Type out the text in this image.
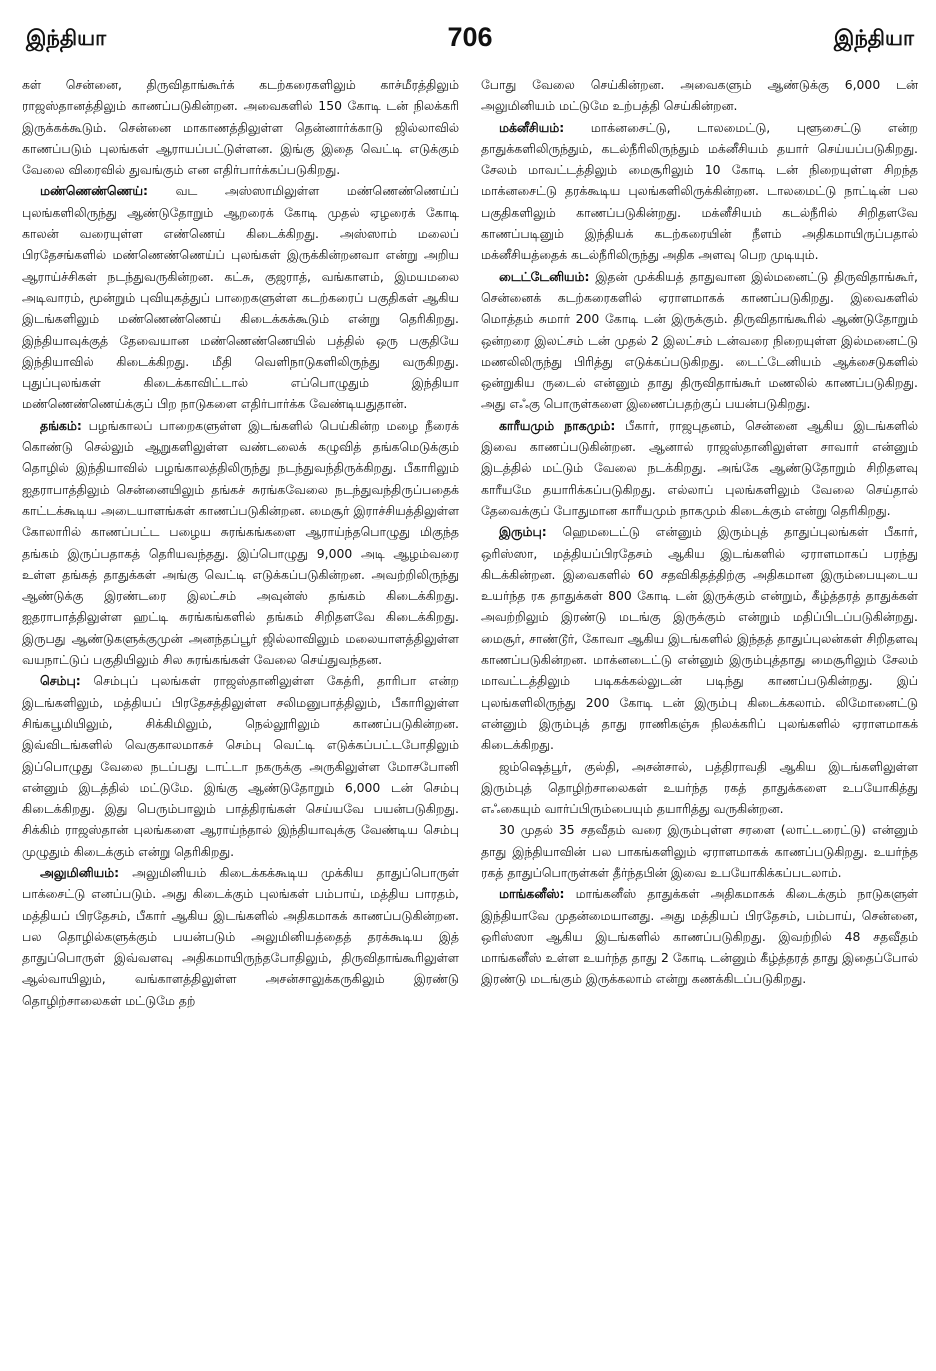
இந்தியா	706	இந்தியா

கள் சென்னை, திருவிதாங்கூர்க் கடற்கரைகளிலும் காச்மீரத்திலும் ராஜஸ்தானத்திலும் காணப்படுகின்றன. அவைகளில் 150 கோடி டன் நிலக்கரி இருக்கக்கூடும். சென்னை மாகாணத்திலுள்ள தென்னார்க்காடு ஜில்லாவில் காணப்படும் புலங்கள் ஆராயப்பட்டுள்ளன. இங்கு இதை வெட்டி எடுக்கும் வேலை விரைவில் துவங்கும் என எதிர்பார்க்கப்படுகிறது.

மண்ணெண்ணெய்: வட அஸ்ஸாமிலுள்ள மண்ணெண்ணெய்ப் புலங்களிலிருந்து ஆண்டுதோறும் ஆறரைக் கோடி முதல் ஏழரைக் கோடி காலன் வரையுள்ள எண்ணெய் கிடைக்கிறது. அஸ்ஸாம் மலைப் பிரதேசங்களில் மண்ணெண்ணெய்ப் புலங்கள் இருக்கின்றனவா என்று அறிய ஆராய்ச்சிகள் நடந்துவருகின்றன. கட்சு, குஜராத், வங்காளம், இமயமலை அடிவாரம், மூன்றும் புவியுகத்துப் பாறைகளுள்ள கடற்கரைப் பகுதிகள் ஆகிய இடங்களிலும் மண்ணெண்ணெய் கிடைக்கக்கூடும் என்று தெரிகிறது. இந்தியாவுக்குத் தேவையான மண்ணெண்ணெயில் பத்தில் ஒரு பகுதியே இந்தியாவில் கிடைக்கிறது. மீதி வெளிநாடுகளிலிருந்து வருகிறது. புதுப்புலங்கள் கிடைக்காவிட்டால் எப்பொழுதும் இந்தியா மண்ணெண்ணெய்க்குப் பிற நாடுகளை எதிர்பார்க்க வேண்டியதுதான்.

தங்கம்: பழங்காலப் பாறைகளுள்ள இடங்களில் பெய்கின்ற மழை நீரைக் கொண்டு செல்லும் ஆறுகளிலுள்ள வண்டலைக் கழுவித் தங்கமெடுக்கும் தொழில் இந்தியாவில் பழங்காலத்திலிருந்து நடந்துவந்திருக்கிறது. பீகாரிலும் ஐதராபாத்திலும் சென்னையிலும் தங்கச் சுரங்கவேலை நடந்துவந்திருப்பதைக் காட்டக்கூடிய அடையாளங்கள் காணப்படுகின்றன. மைசூர் இராச்சியத்திலுள்ள கோலாரில் காணப்பட்ட பழைய சுரங்கங்களை ஆராய்ந்தபொழுது மிகுந்த தங்கம் இருப்பதாகத் தெரியவந்தது. இப்பொழுது 9,000 அடி ஆழம்வரை உள்ள தங்கத் தாதுக்கள் அங்கு வெட்டி எடுக்கப்படுகின்றன. அவற்றிலிருந்து ஆண்டுக்கு இரண்டரை இலட்சம் அவுன்ஸ் தங்கம் கிடைக்கிறது. ஐதராபாத்திலுள்ள ஹட்டி சுரங்கங்களில் தங்கம் சிறிதளவே கிடைக்கிறது. இருபது ஆண்டுகளுக்குமுன் அனந்தப்பூர் ஜில்லாவிலும் மலையாளத்திலுள்ள வயநாட்டுப் பகுதியிலும் சில சுரங்கங்கள் வேலை செய்துவந்தன.

செம்பு: செம்புப் புலங்கள் ராஜஸ்தானிலுள்ள கேத்ரி, தாரிபா என்ற இடங்களிலும், மத்தியப் பிரதேசத்திலுள்ள சலிமனுபாத்திலும், பீகாரிலுள்ள சிங்கபூமியிலும், சிக்கிமிலும், நெல்லூரிலும் காணப்படுகின்றன. இவ்விடங்களில் வெகுகாலமாகச் செம்பு வெட்டி எடுக்கப்பட்டபோதிலும் இப்பொழுது வேலை நடப்பது டாட்டா நகருக்கு அருகிலுள்ள மோசபோனி என்னும் இடத்தில் மட்டுமே. இங்கு ஆண்டுதோறும் 6,000 டன் செம்பு கிடைக்கிறது. இது பெரும்பாலும் பாத்திரங்கள் செய்யவே பயன்படுகிறது. சிக்கிம் ராஜஸ்தான் புலங்களை ஆராய்ந்தால் இந்தியாவுக்கு வேண்டிய செம்பு முழுதும் கிடைக்கும் என்று தெரிகிறது.

அலுமினியம்: அலுமினியம் கிடைக்கக்கூடிய முக்கிய தாதுப்பொருள் பாக்சைட்டு எனப்படும். அது கிடைக்கும் புலங்கள் பம்பாய், மத்திய பாரதம், மத்தியப் பிரதேசம், பீகார் ஆகிய இடங்களில் அதிகமாகக் காணப்படுகின்றன. பல தொழில்களுக்கும் பயன்படும் அலுமினியத்தைத் தரக்கூடிய இத் தாதுப்பொருள் இவ்வளவு அதிகமாயிருந்தபோதிலும், திருவிதாங்கூரிலுள்ள ஆல்வாயிலும், வங்காளத்திலுள்ள அசன்சாலுக்கருகிலும் இரண்டு தொழிற்சாலைகள் மட்டுமே தற்

போது வேலை செய்கின்றன. அவைகளும் ஆண்டுக்கு 6,000 டன் அலுமினியம் மட்டுமே உற்பத்தி செய்கின்றன.

மக்னீசியம்: மாக்னசைட்டு, டாலமைட்டு, புளூசைட்டு என்ற தாதுக்களிலிருந்தும், கடல்நீரிலிருந்தும் மக்னீசியம் தயார் செய்யப்படுகிறது. சேலம் மாவட்டத்திலும் மைசூரிலும் 10 கோடி டன் நிறையுள்ள சிறந்த மாக்னசைட்டு தரக்கூடிய புலங்களிலிருக்கின்றன. டாலமைட்டு நாட்டின் பல பகுதிகளிலும் காணப்படுகின்றது. மக்னீசியம் கடல்நீரில் சிறிதளவே காணப்படினும் இந்தியக் கடற்கரையின் நீளம் அதிகமாயிருப்பதால் மக்னீசியத்தைக் கடல்நீரிலிருந்து அதிக அளவு பெற முடியும்.

டைட்டேனியம்: இதன் முக்கியத் தாதுவான இல்மனைட்டு திருவிதாங்கூர், சென்னைக் கடற்கரைகளில் ஏராளமாகக் காணப்படுகிறது. இவைகளில் மொத்தம் சுமார் 200 கோடி டன் இருக்கும். திருவிதாங்கூரில் ஆண்டுதோறும் ஒன்றரை இலட்சம் டன் முதல் 2 இலட்சம் டன்வரை நிறையுள்ள இல்மனைட்டு மணலிலிருந்து பிரித்து எடுக்கப்படுகிறது. டைட்டேனியம் ஆக்சைடுகளில் ஒன்றுகிய ருடைல் என்னும் தாது திருவிதாங்கூர் மணலில் காணப்படுகிறது. அது எஃகு பொருள்களை இணைப்பதற்குப் பயன்படுகிறது.

காரீயமும் நாகமும்: பீகார், ராஜபுதனம், சென்னை ஆகிய இடங்களில் இவை காணப்படுகின்றன. ஆனால் ராஜஸ்தானிலுள்ள சாவார் என்னும் இடத்தில் மட்டும் வேலை நடக்கிறது. அங்கே ஆண்டுதோறும் சிறிதளவு காரீயமே தயாரிக்கப்படுகிறது. எல்லாப் புலங்களிலும் வேலை செய்தால் தேவைக்குப் போதுமான காரீயமும் நாகமும் கிடைக்கும் என்று தெரிகிறது.

இரும்பு: ஹெமடைட்டு என்னும் இரும்புத் தாதுப்புலங்கள் பீகார், ஒரிஸ்ஸா, மத்தியப்பிரதேசம் ஆகிய இடங்களில் ஏராளமாகப் பரந்து கிடக்கின்றன. இவைகளில் 60 சதவிகிதத்திற்கு அதிகமான இரும்பையுடைய உயர்ந்த ரக தாதுக்கள் 800 கோடி டன் இருக்கும் என்றும், கீழ்த்தரத் தாதுக்கள் அவற்றிலும் இரண்டு மடங்கு இருக்கும் என்றும் மதிப்பிடப்படுகின்றது. மைசூர், சாண்டூர், கோவா ஆகிய இடங்களில் இந்தத் தாதுப்புலன்கள் சிறிதளவு காணப்படுகின்றன. மாக்னடைட்டு என்னும் இரும்புத்தாது மைசூரிலும் சேலம் மாவட்டத்திலும் படிகக்கல்லுடன் படிந்து காணப்படுகின்றது. இப் புலங்களிலிருந்து 200 கோடி டன் இரும்பு கிடைக்கலாம். லிமோனைட்டு என்னும் இரும்புத் தாது ராணிகஞ்சு நிலக்கரிப் புலங்களில் ஏராளமாகக் கிடைக்கிறது.

ஜம்ஷெத்பூர், குல்தி, அசன்சால், பத்திராவதி ஆகிய இடங்களிலுள்ள இரும்புத் தொழிற்சாலைகள் உயர்ந்த ரகத் தாதுக்களை உபயோகித்து எஃகையும் வார்ப்பிரும்பையும் தயாரித்து வருகின்றன.

30 முதல் 35 சதவீதம் வரை இரும்புள்ள சரளை (லாட்டரைட்டு) என்னும் தாது இந்தியாவின் பல பாகங்களிலும் ஏராளமாகக் காணப்படுகிறது. உயர்ந்த ரகத் தாதுப்பொருள்கள் தீர்ந்தபின் இவை உபயோகிக்கப்படலாம்.

மாங்கனீஸ்: மாங்கனீஸ் தாதுக்கள் அதிகமாகக் கிடைக்கும் நாடுகளுள் இந்தியாவே முதன்மையானது. அது மத்தியப் பிரதேசம், பம்பாய், சென்னை, ஒரிஸ்ஸா ஆகிய இடங்களில் காணப்படுகிறது. இவற்றில் 48 சதவீதம் மாங்கனீஸ் உள்ள உயர்ந்த தாது 2 கோடி டன்னும் கீழ்த்தரத் தாது இதைப்போல் இரண்டு மடங்கும் இருக்கலாம் என்று கணக்கிடப்படுகிறது.
